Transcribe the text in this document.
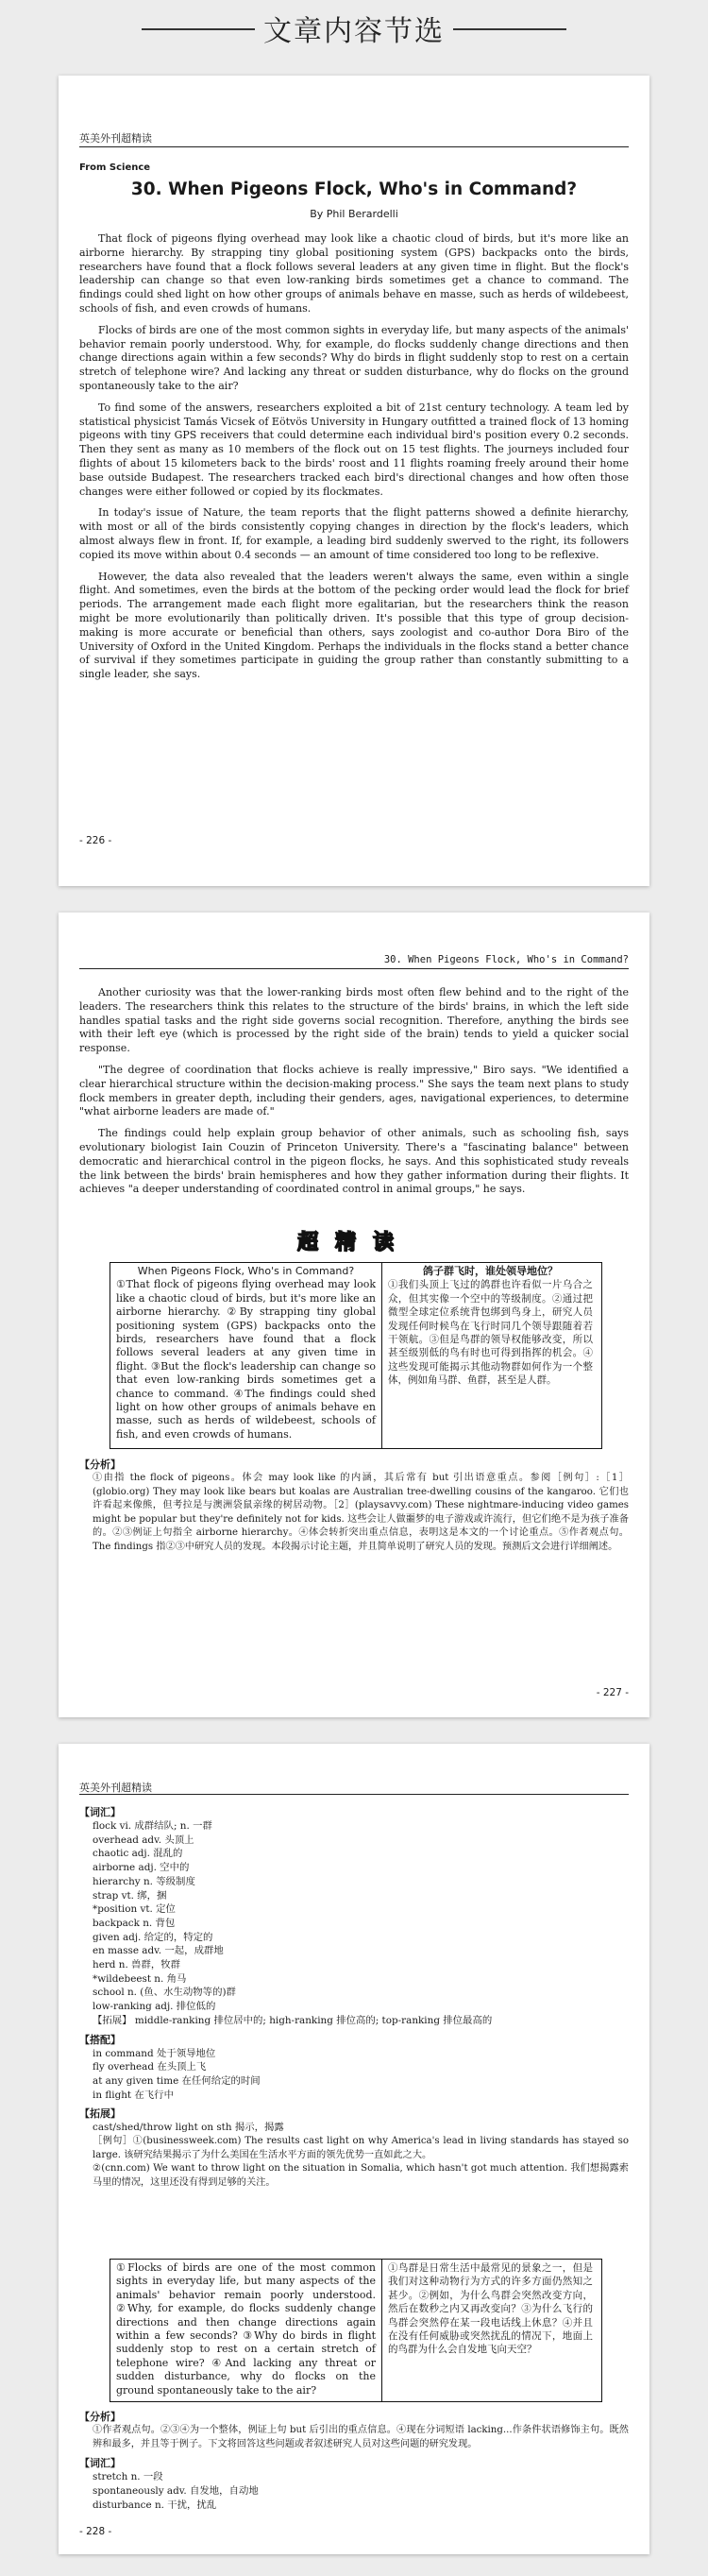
文章内容节选
英美外刊超精读
From Science
30. When Pigeons Flock, Who's in Command?
By Phil Berardelli

That flock of pigeons flying overhead may look like a chaotic cloud of birds, but it's more like an airborne hierarchy. By strapping tiny global positioning system (GPS) backpacks onto the birds, researchers have found that a flock follows several leaders at any given time in flight. But the flock's leadership can change so that even low-ranking birds sometimes get a chance to command. The findings could shed light on how other groups of animals behave en masse, such as herds of wildebeest, schools of fish, and even crowds of humans.

Flocks of birds are one of the most common sights in everyday life, but many aspects of the animals' behavior remain poorly understood. Why, for example, do flocks suddenly change directions and then change directions again within a few seconds? Why do birds in flight suddenly stop to rest on a certain stretch of telephone wire? And lacking any threat or sudden disturbance, why do flocks on the ground spontaneously take to the air?

To find some of the answers, researchers exploited a bit of 21st century technology. A team led by statistical physicist Tamás Vicsek of Eötvös University in Hungary outfitted a trained flock of 13 homing pigeons with tiny GPS receivers that could determine each individual bird's position every 0.2 seconds. Then they sent as many as 10 members of the flock out on 15 test flights. The journeys included four flights of about 15 kilometers back to the birds' roost and 11 flights roaming freely around their home base outside Budapest. The researchers tracked each bird's directional changes and how often those changes were either followed or copied by its flockmates.

In today's issue of Nature, the team reports that the flight patterns showed a definite hierarchy, with most or all of the birds consistently copying changes in direction by the flock's leaders, which almost always flew in front. If, for example, a leading bird suddenly swerved to the right, its followers copied its move within about 0.4 seconds — an amount of time considered too long to be reflexive.

However, the data also revealed that the leaders weren't always the same, even within a single flight. And sometimes, even the birds at the bottom of the pecking order would lead the flock for brief periods. The arrangement made each flight more egalitarian, but the researchers think the reason might be more evolutionarily than politically driven. It's possible that this type of group decision-making is more accurate or beneficial than others, says zoologist and co-author Dora Biro of the University of Oxford in the United Kingdom. Perhaps the individuals in the flocks stand a better chance of survival if they sometimes participate in guiding the group rather than constantly submitting to a single leader, she says.

- 226 -
30. When Pigeons Flock, Who's in Command?

Another curiosity was that the lower-ranking birds most often flew behind and to the right of the leaders. The researchers think this relates to the structure of the birds' brains, in which the left side handles spatial tasks and the right side governs social recognition. Therefore, anything the birds see with their left eye (which is processed by the right side of the brain) tends to yield a quicker social response.

"The degree of coordination that flocks achieve is really impressive," Biro says. "We identified a clear hierarchical structure within the decision-making process." She says the team next plans to study flock members in greater depth, including their genders, ages, navigational experiences, to determine "what airborne leaders are made of."

The findings could help explain group behavior of other animals, such as schooling fish, says evolutionary biologist Iain Couzin of Princeton University. There's a "fascinating balance" between democratic and hierarchical control in the pigeon flocks, he says. And this sophisticated study reveals the link between the birds' brain hemispheres and how they gather information during their flights. It achieves "a deeper understanding of coordinated control in animal groups," he says.

超精读
When Pigeons Flock, Who's in Command?
①That flock of pigeons flying overhead may look like a chaotic cloud of birds, but it's more like an airborne hierarchy. ②By strapping tiny global positioning system (GPS) backpacks onto the birds, researchers have found that a flock follows several leaders at any given time in flight. ③But the flock's leadership can change so that even low-ranking birds sometimes get a chance to command. ④The findings could shed light on how other groups of animals behave en masse, such as herds of wildebeest, schools of fish, and even crowds of humans.
鸽子群飞时，谁处领导地位？
①我们头顶上飞过的鸽群也许看似一片乌合之众，但其实像一个空中的等级制度。②通过把微型全球定位系统背包绑到鸟身上，研究人员发现任何时候鸟在飞行时同几个领导跟随着若干领航。③但是鸟群的领导权能够改变，所以甚至级别低的鸟有时也可得到指挥的机会。④这些发现可能揭示其他动物群如何作为一个整体，例如角马群、鱼群，甚至是人群。
【分析】
①由指 the flock of pigeons。体会 may look like 的内涵，其后常有 but 引出语意重点。参阅［例句］:［1］(globio.org) They may look like bears but koalas are Australian tree-dwelling cousins of the kangaroo. 它们也许看起来像熊，但考拉是与澳洲袋鼠亲缘的树居动物。［2］(playsavvy.com) These nightmare-inducing video games might be popular but they're definitely not for kids. 这些会让人做噩梦的电子游戏或许流行，但它们绝不是为孩子准备的。②③例证上句指全 airborne hierarchy。④体会转折突出重点信息，表明这是本文的一个讨论重点。⑤作者观点句。The findings 指②③中研究人员的发现。本段揭示讨论主题，并且简单说明了研究人员的发现。预测后文会进行详细阐述。
- 227 -
英美外刊超精读
【词汇】
flock vi. 成群结队; n. 一群
overhead adv. 头顶上
chaotic adj. 混乱的
airborne adj. 空中的
hierarchy n. 等级制度
strap vt. 绑，捆
*position vt. 定位
backpack n. 背包
given adj. 给定的，特定的
en masse adv. 一起，成群地
herd n. 兽群，牧群
*wildebeest n. 角马
school n. (鱼、水生动物等的)群
low-ranking adj. 排位低的
【拓展】 middle-ranking 排位居中的; high-ranking 排位高的; top-ranking 排位最高的
【搭配】
in command 处于领导地位
fly overhead 在头顶上飞
at any given time 在任何给定的时间
in flight 在飞行中
【拓展】
cast/shed/throw light on sth 揭示，揭露
［例句］①(businessweek.com) The results cast light on why America's lead in living standards has stayed so large. 该研究结果揭示了为什么美国在生活水平方面的领先优势一直如此之大。
②(cnn.com) We want to throw light on the situation in Somalia, which hasn't got much attention. 我们想揭露索马里的情况，这里还没有得到足够的关注。
①Flocks of birds are one of the most common sights in everyday life, but many aspects of the animals' behavior remain poorly understood. ②Why, for example, do flocks suddenly change directions and then change directions again within a few seconds? ③Why do birds in flight suddenly stop to rest on a certain stretch of telephone wire? ④And lacking any threat or sudden disturbance, why do flocks on the ground spontaneously take to the air?
①鸟群是日常生活中最常见的景象之一，但是我们对这种动物行为方式的许多方面仍然知之甚少。②例如，为什么鸟群会突然改变方向，然后在数秒之内又再改变向？③为什么飞行的鸟群会突然停在某一段电话线上休息？④并且在没有任何威胁或突然扰乱的情况下，地面上的鸟群为什么会自发地飞向天空？
【分析】
①作者观点句。②③④为一个整体，例证上句 but 后引出的重点信息。④现在分词短语 lacking...作条件状语修饰主句。既然辨和最多，并且等于例子。下文将回答这些问题或者叙述研究人员对这些问题的研究发现。
【词汇】
stretch n. 一段
spontaneously adv. 自发地，自动地
disturbance n. 干扰，扰乱
- 228 -
